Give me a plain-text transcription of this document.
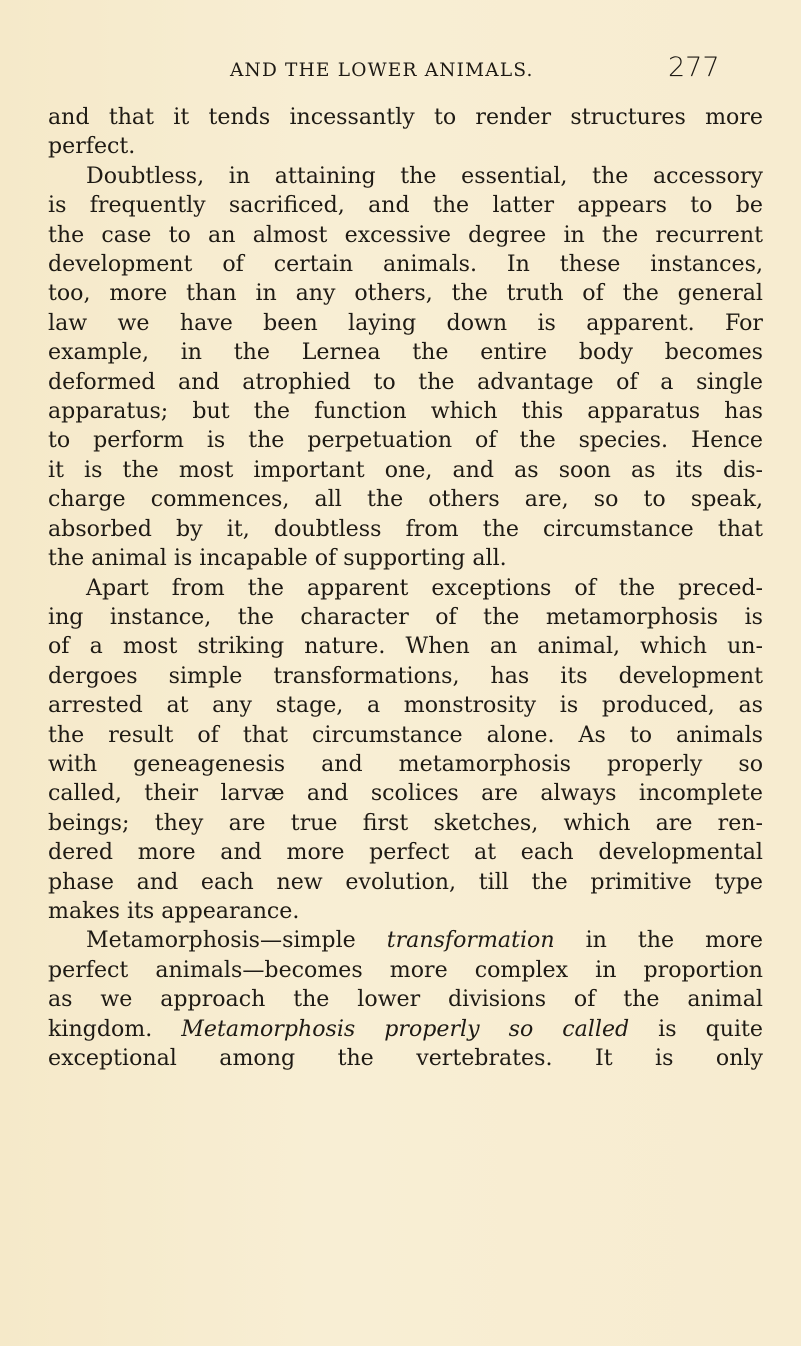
AND THE LOWER ANIMALS.	277
and that it tends incessantly to render structures more
perfect.
Doubtless, in attaining the essential, the accessory
is frequently sacrificed, and the latter appears to be
the case to an almost excessive degree in the recurrent
development of certain animals. In these instances,
too, more than in any others, the truth of the general
law we have been laying down is apparent. For
example, in the Lernea the entire body becomes
deformed and atrophied to the advantage of a single
apparatus; but the function which this apparatus has
to perform is the perpetuation of the species. Hence
it is the most important one, and as soon as its dis-
charge commences, all the others are, so to speak,
absorbed by it, doubtless from the circumstance that
the animal is incapable of supporting all.
Apart from the apparent exceptions of the preced-
ing instance, the character of the metamorphosis is
of a most striking nature. When an animal, which un-
dergoes simple transformations, has its development
arrested at any stage, a monstrosity is produced, as
the result of that circumstance alone. As to animals
with geneagenesis and metamorphosis properly so
called, their larvæ and scolices are always incomplete
beings; they are true first sketches, which are ren-
dered more and more perfect at each developmental
phase and each new evolution, till the primitive type
makes its appearance.
Metamorphosis—simple transformation in the more
perfect animals—becomes more complex in proportion
as we approach the lower divisions of the animal
kingdom. Metamorphosis properly so called is quite
exceptional among the vertebrates. It is only
